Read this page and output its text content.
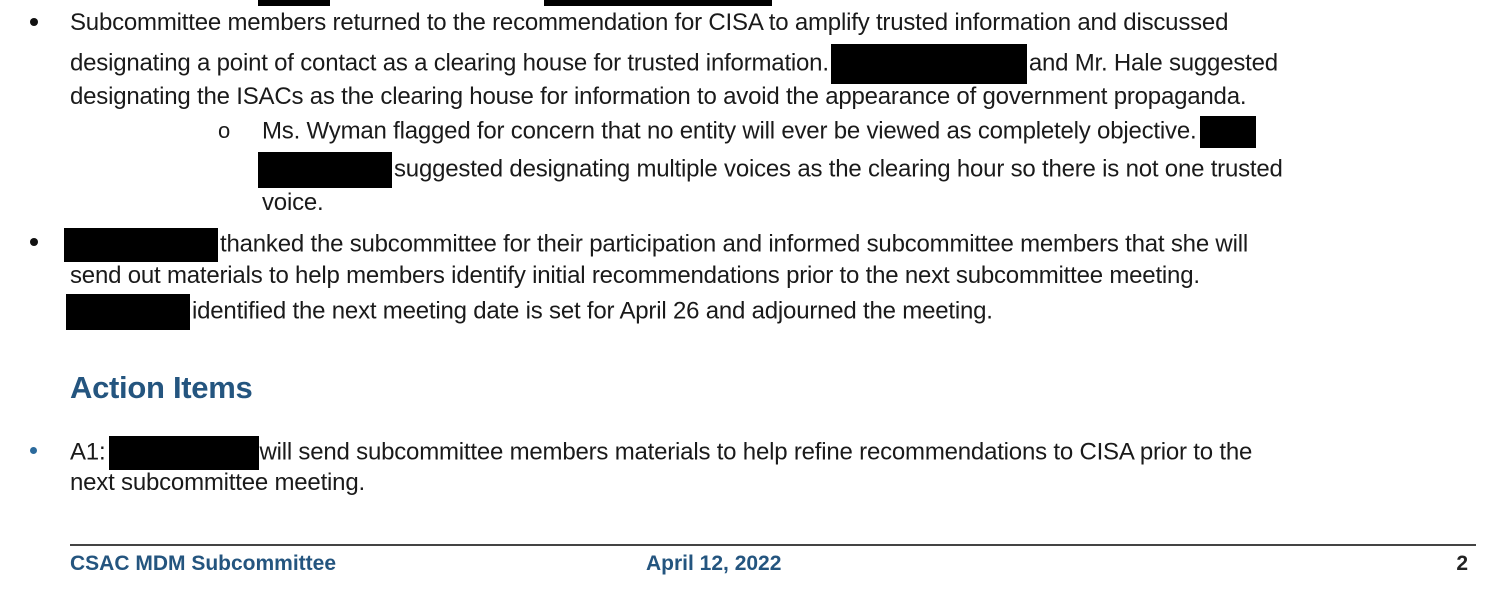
Subcommittee members returned to the recommendation for CISA to amplify trusted information and discussed
designating a point of contact as a clearing house for trusted information.	and Mr. Hale suggested
designating the ISACs as the clearing house for information to avoid the appearance of government propaganda.
o Ms. Wyman flagged for concern that no entity will ever be viewed as completely objective.
suggested designating multiple voices as the clearing hour so there is not one trusted
voice.
thanked the subcommittee for their participation and informed subcommittee members that she will
send out materials to help members identify initial recommendations prior to the next subcommittee meeting.
identified the next meeting date is set for April 26 and adjourned the meeting.
Action Items
A1:	will send subcommittee members materials to help refine recommendations to CISA prior to the
next subcommittee meeting.
CSAC MDM Subcommittee	April 12, 2022	2
